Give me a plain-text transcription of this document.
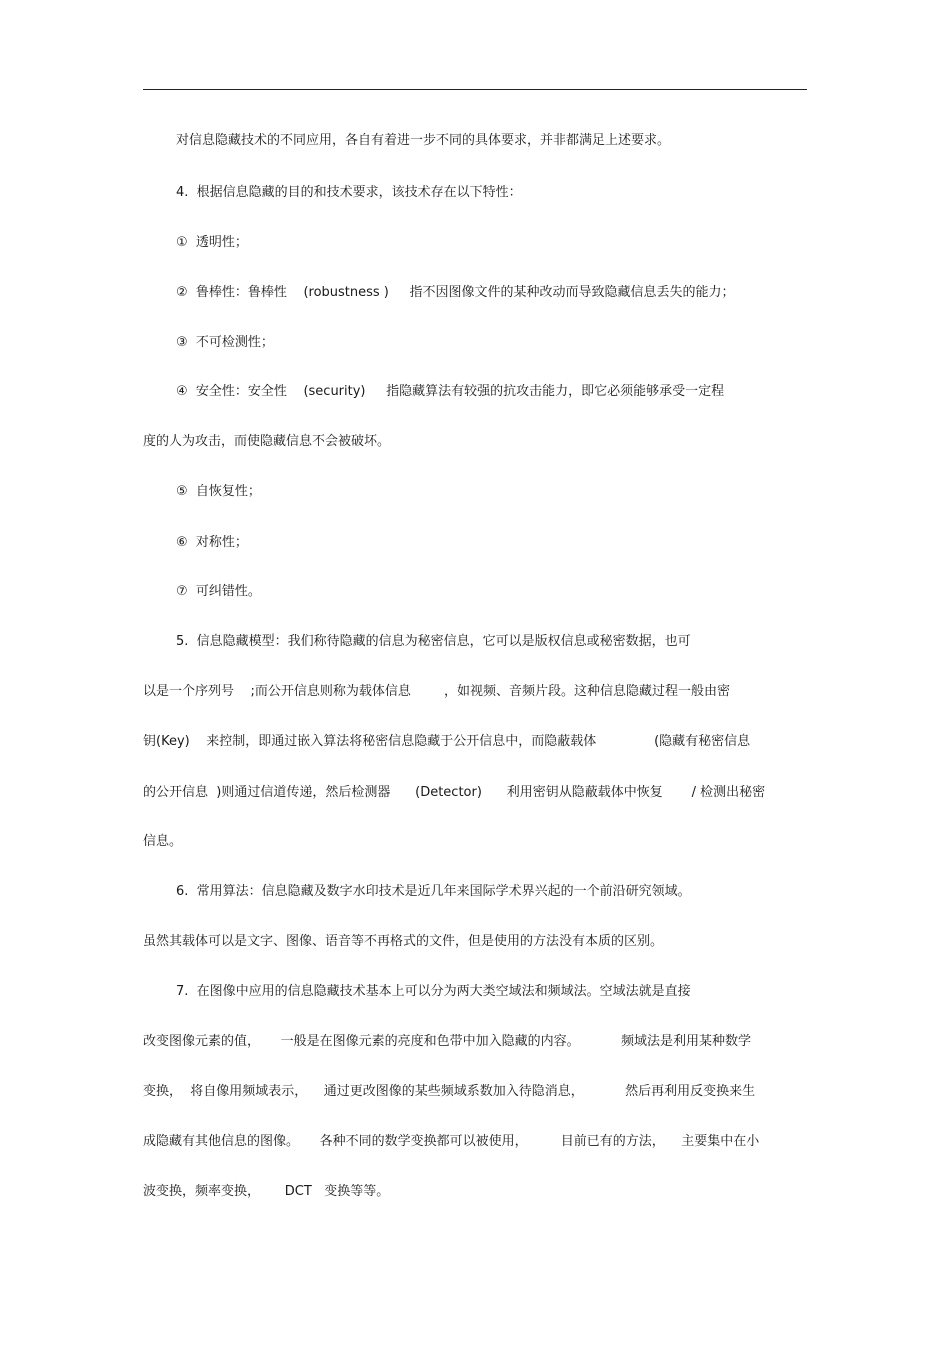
对信息隐藏技术的不同应用，各自有着进一步不同的具体要求，并非都满足上述要求。
4.  根据信息隐藏的目的和技术要求，该技术存在以下特性：
①  透明性；
②  鲁棒性：鲁棒性    (robustness )     指不因图像文件的某种改动而导致隐藏信息丢失的能力；
③  不可检测性；
④  安全性：安全性    (security)     指隐藏算法有较强的抗攻击能力，即它必须能够承受一定程
度的人为攻击，而使隐藏信息不会被破坏。
⑤  自恢复性；
⑥  对称性；
⑦  可纠错性。
5.  信息隐藏模型：我们称待隐藏的信息为秘密信息，它可以是版权信息或秘密数据，也可
以是一个序列号    ;而公开信息则称为载体信息        ，如视频、音频片段。这种信息隐藏过程一般由密
钥(Key)    来控制，即通过嵌入算法将秘密信息隐藏于公开信息中，而隐蔽载体              (隐藏有秘密信息
的公开信息  )则通过信道传递，然后检测器      (Detector)      利用密钥从隐蔽载体中恢复       / 检测出秘密
信息。
6.  常用算法：信息隐藏及数字水印技术是近几年来国际学术界兴起的一个前沿研究领域。
虽然其载体可以是文字、图像、语音等不再格式的文件，但是使用的方法没有本质的区别。
7.  在图像中应用的信息隐藏技术基本上可以分为两大类空域法和频域法。空域法就是直接
改变图像元素的值，     一般是在图像元素的亮度和色带中加入隐藏的内容。          频域法是利用某种数学
变换，  将自像用频域表示，    通过更改图像的某些频域系数加入待隐消息，          然后再利用反变换来生
成隐藏有其他信息的图像。     各种不同的数学变换都可以被使用，        目前已有的方法，    主要集中在小
波变换，频率变换，      DCT   变换等等。
